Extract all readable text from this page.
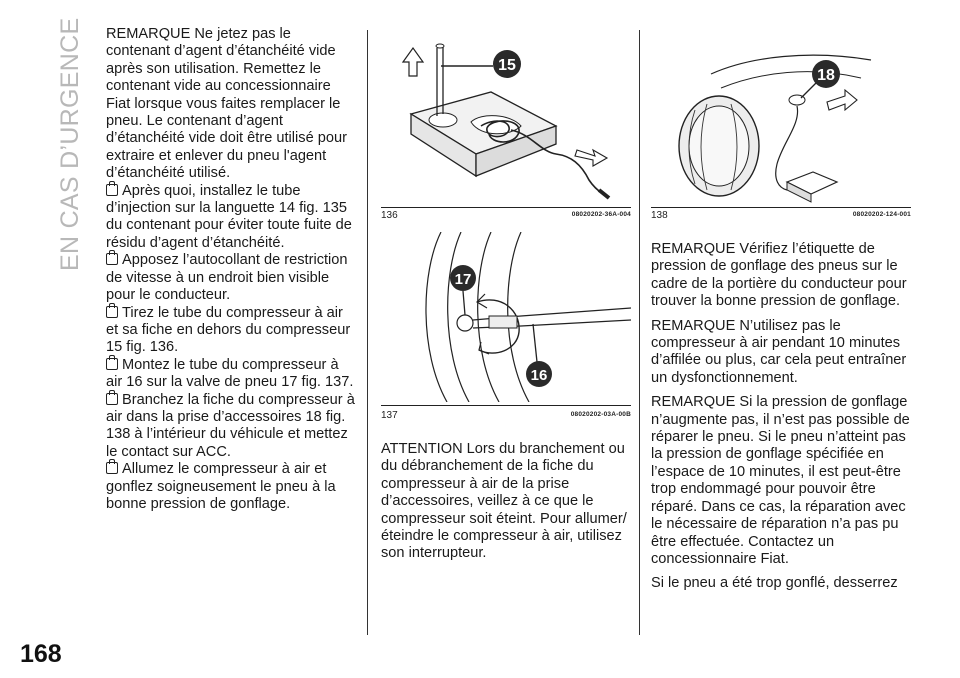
EN CAS D’URGENCE
168

REMARQUE Ne jetez pas le contenant d’agent d’étanchéité vide après son utilisation. Remettez le contenant vide au concessionnaire Fiat lorsque vous faites remplacer le pneu. Le contenant d’agent d’étanchéité vide doit être utilisé pour extraire et enlever du pneu l'agent d’étanchéité utilisé.

Après quoi, installez le tube d’injection sur la languette 14 fig. 135 du contenant pour éviter toute fuite de résidu d’agent d’étanchéité.

Apposez l’autocollant de restriction de vitesse à un endroit bien visible pour le conducteur.

Tirez le tube du compresseur à air et sa fiche en dehors du compresseur 15 fig. 136.

Montez le tube du compresseur à air 16 sur la valve de pneu 17 fig. 137.

Branchez la fiche du compresseur à air dans la prise d’accessoires 18 fig. 138 à l’intérieur du véhicule et mettez le contact sur ACC.

Allumez le compresseur à air et gonflez soigneusement le pneu à la bonne pression de gonflage.

15
136	08020202-36A-004
17
16
137	08020202-03A-00B

ATTENTION Lors du branchement ou du débranchement de la fiche du compresseur à air de la prise d’accessoires, veillez à ce que le compresseur soit éteint. Pour allumer/éteindre le compresseur à air, utilisez son interrupteur.

18
138	08020202-124-001

REMARQUE Vérifiez l’étiquette de pression de gonflage des pneus sur le cadre de la portière du conducteur pour trouver la bonne pression de gonflage.

REMARQUE N’utilisez pas le compresseur à air pendant 10 minutes d’affilée ou plus, car cela peut entraîner un dysfonctionnement.

REMARQUE Si la pression de gonflage n’augmente pas, il n’est pas possible de réparer le pneu. Si le pneu n’atteint pas la pression de gonflage spécifiée en l’espace de 10 minutes, il est peut-être trop endommagé pour pouvoir être réparé. Dans ce cas, la réparation avec le nécessaire de réparation n’a pas pu être effectuée. Contactez un concessionnaire Fiat.

Si le pneu a été trop gonflé, desserrez
